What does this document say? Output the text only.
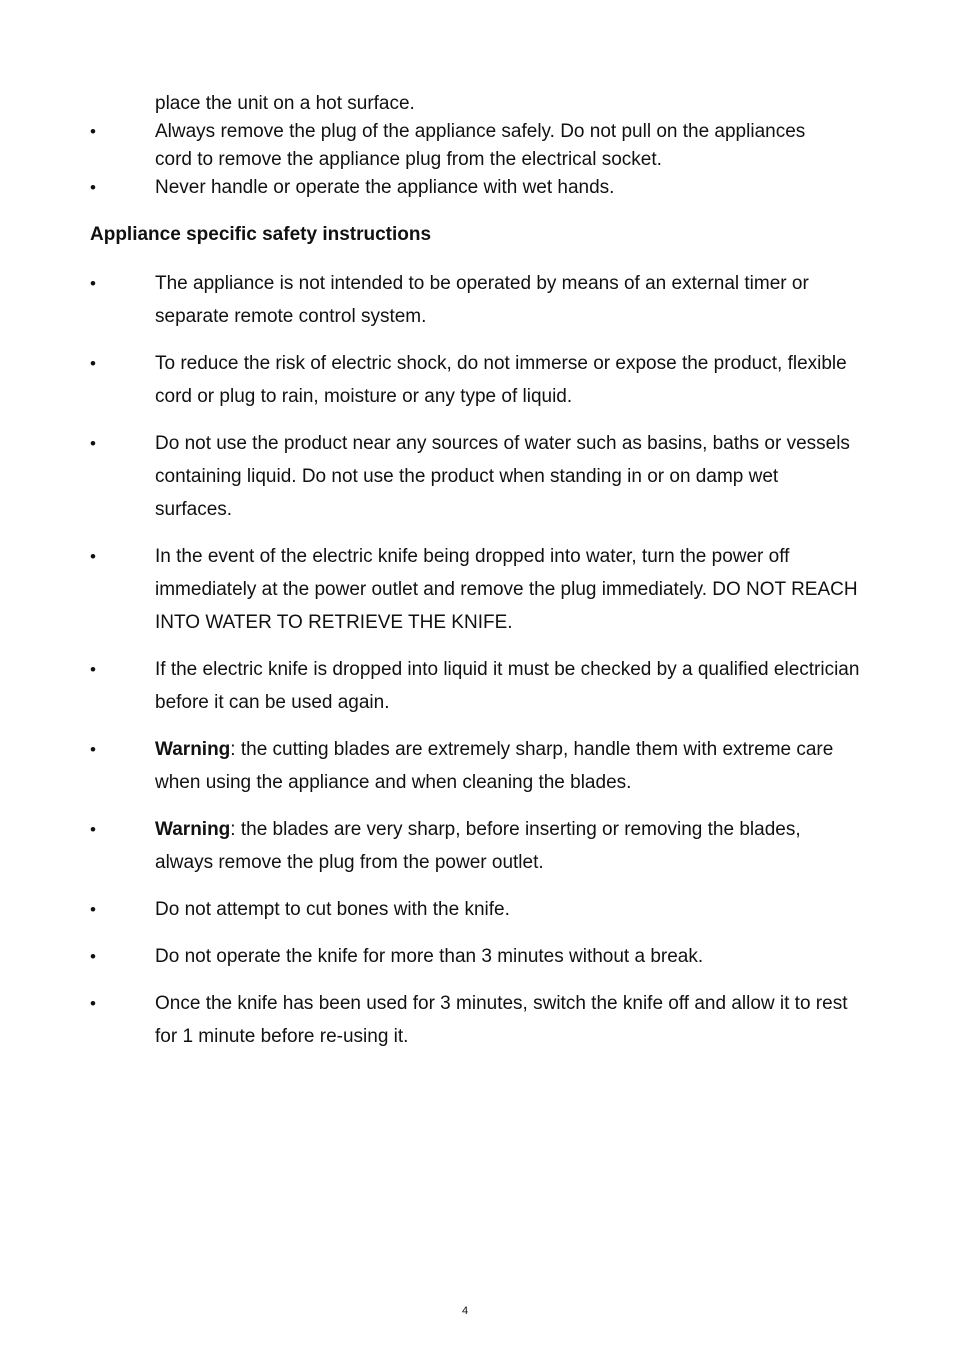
place the unit on a hot surface.
•	Always remove the plug of the appliance safely. Do not pull on the appliances cord to remove the appliance plug from the electrical socket.
•	Never handle or operate the appliance with wet hands.
Appliance specific safety instructions
•	The appliance is not intended to be operated by means of an external timer or separate remote control system.
•	To reduce the risk of electric shock, do not immerse or expose the product, flexible cord or plug to rain, moisture or any type of liquid.
•	Do not use the product near any sources of water such as basins, baths or vessels containing liquid. Do not use the product when standing in or on damp wet surfaces.
•	In the event of the electric knife being dropped into water, turn the power off immediately at the power outlet and remove the plug immediately. DO NOT REACH INTO WATER TO RETRIEVE THE KNIFE.
•	If the electric knife is dropped into liquid it must be checked by a qualified electrician before it can be used again.
•	Warning: the cutting blades are extremely sharp, handle them with extreme care when using the appliance and when cleaning the blades.
•	Warning: the blades are very sharp, before inserting or removing the blades, always remove the plug from the power outlet.
•	Do not attempt to cut bones with the knife.
•	Do not operate the knife for more than 3 minutes without a break.
•	Once the knife has been used for 3 minutes, switch the knife off and allow it to rest for 1 minute before re-using it.
4
